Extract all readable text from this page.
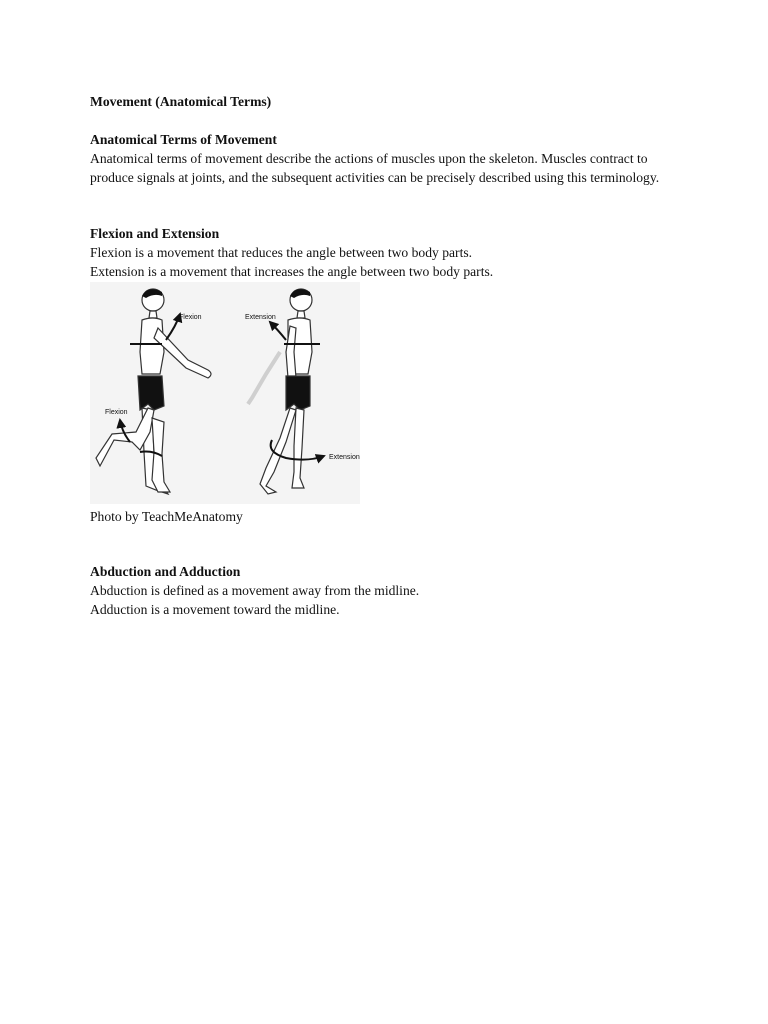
Movement (Anatomical Terms)
Anatomical Terms of Movement
Anatomical terms of movement describe the actions of muscles upon the skeleton. Muscles contract to
produce signals at joints, and the subsequent activities can be precisely described using this terminology.
Flexion and Extension
Flexion is a movement that reduces the angle between two body parts.
Extension is a movement that increases the angle between two body parts.
Flexion
Flexion
Extension
Extension
Photo by TeachMeAnatomy
Abduction and Adduction
Abduction is defined as a movement away from the midline.
Adduction is a movement toward the midline.
